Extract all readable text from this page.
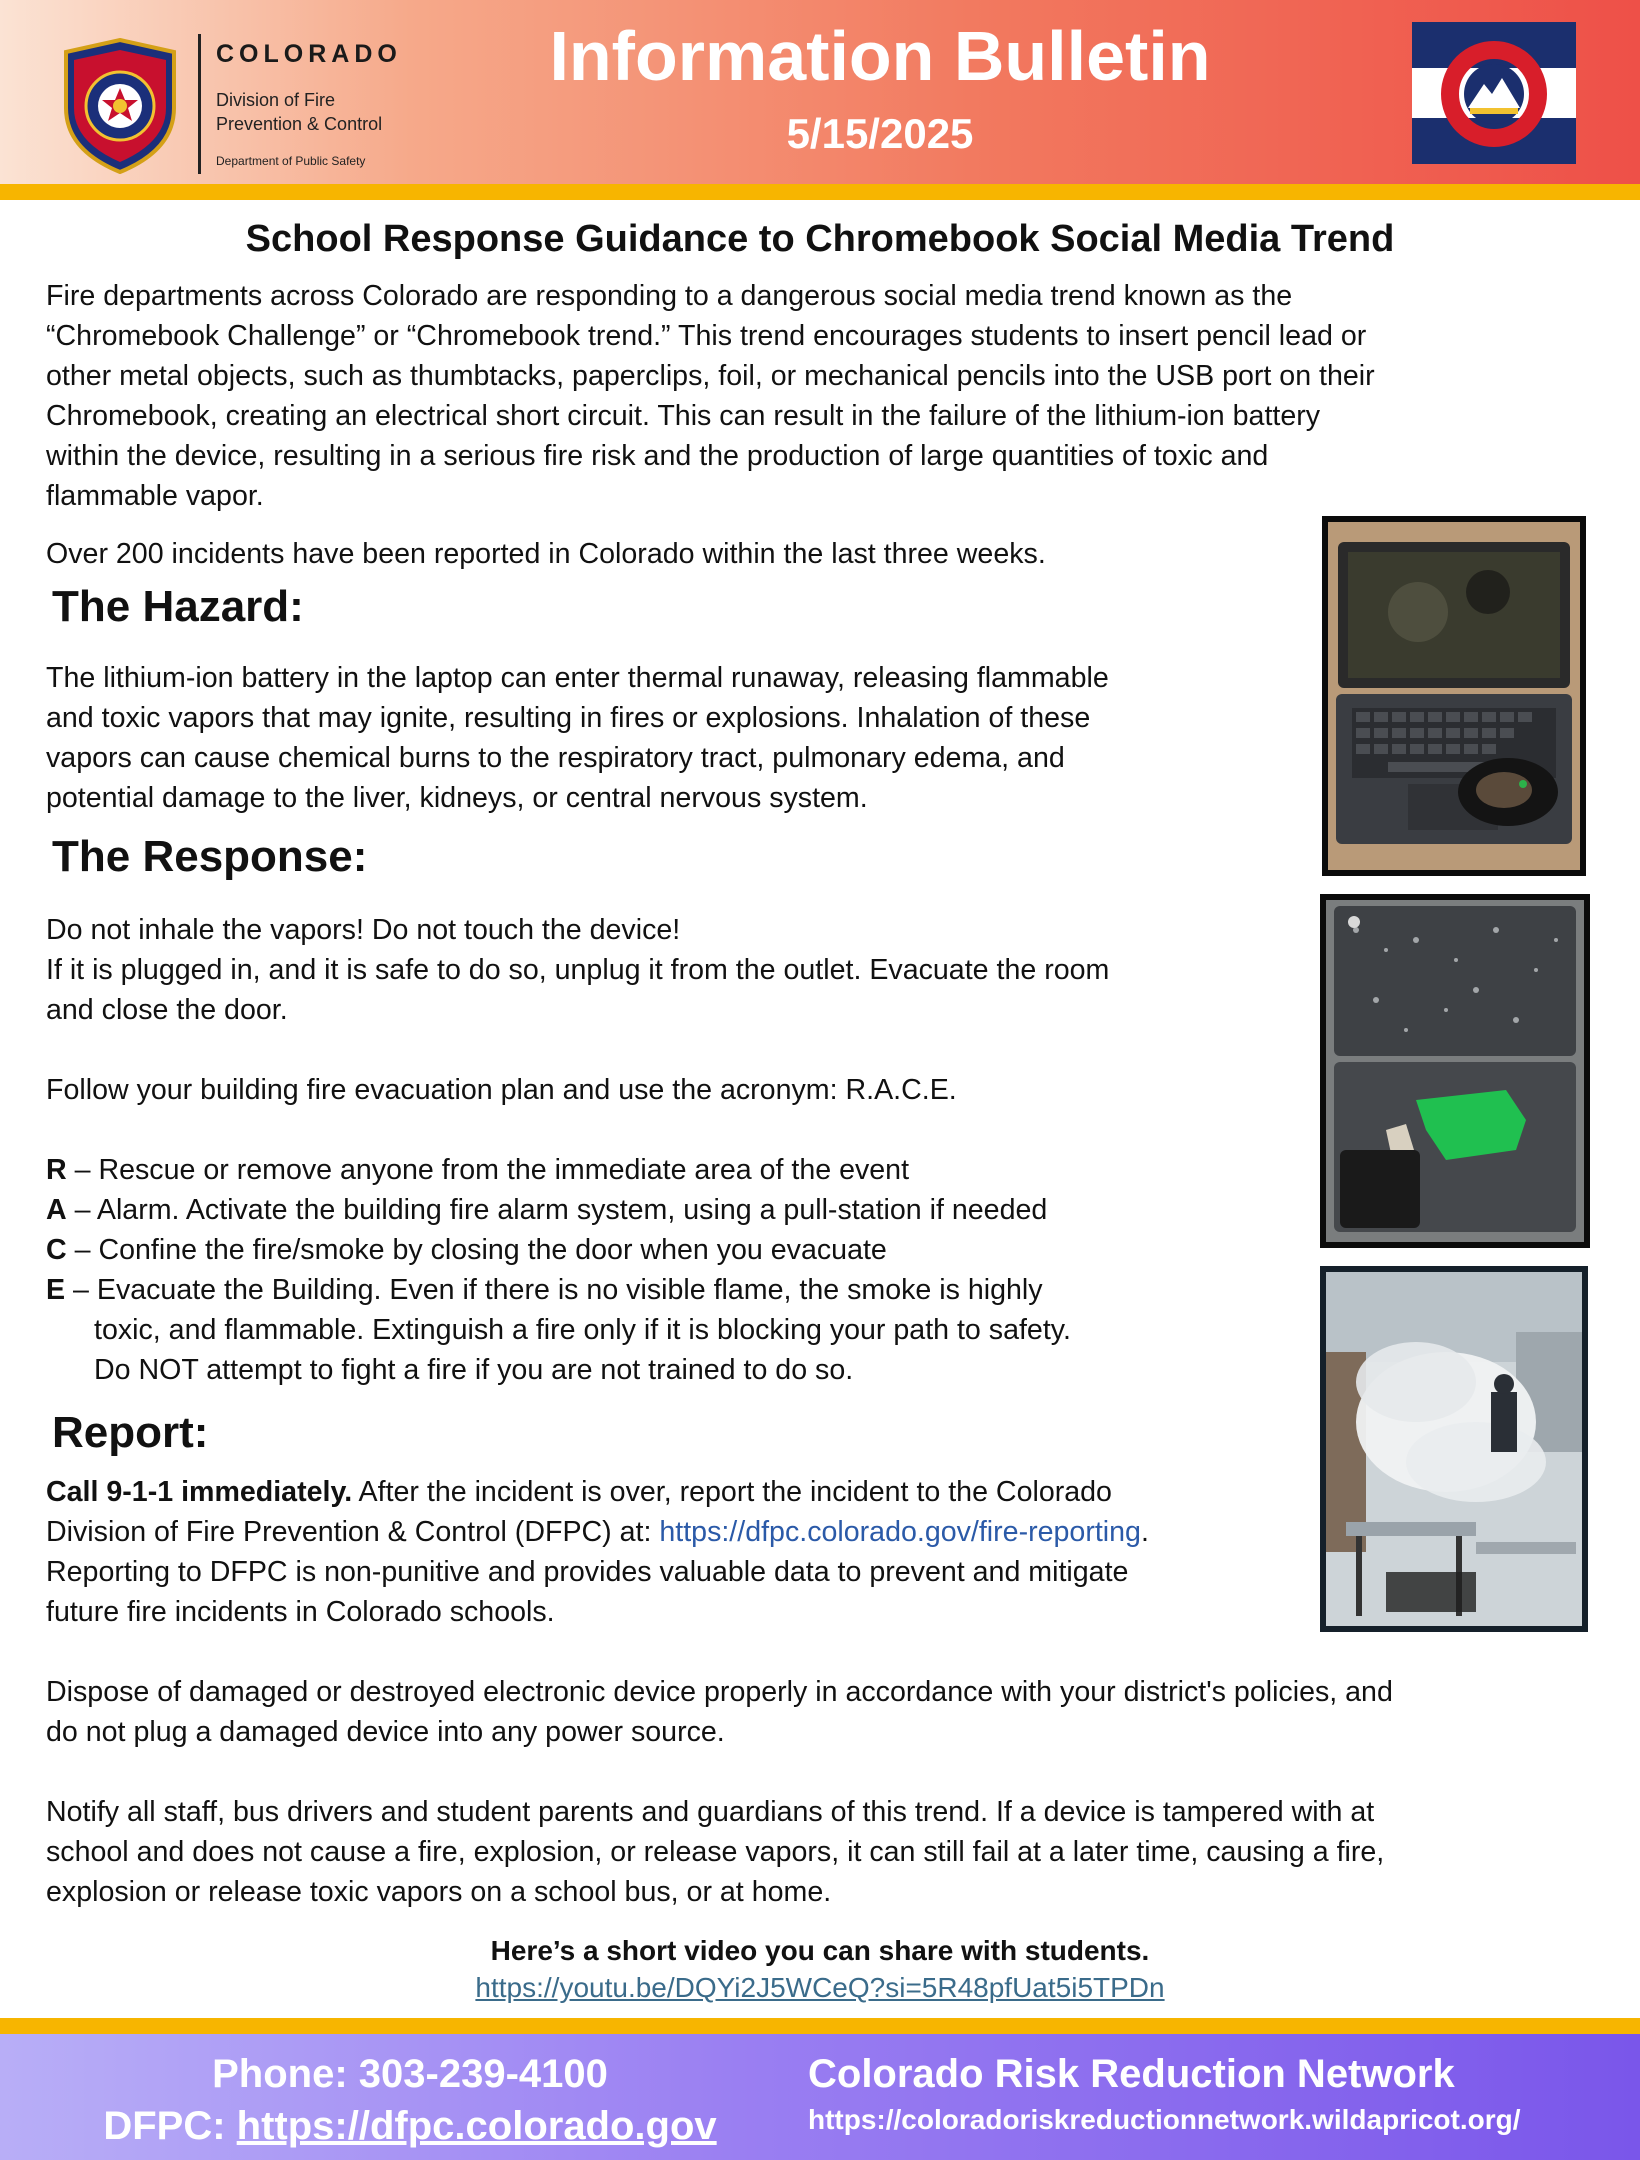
COLORADO
Division of Fire Prevention & Control
Department of Public Safety
Information Bulletin
5/15/2025
School Response Guidance to Chromebook Social Media Trend
Fire departments across Colorado are responding to a dangerous social media trend known as the
“Chromebook Challenge” or “Chromebook trend.” This trend encourages students to insert pencil lead or
other metal objects, such as thumbtacks, paperclips, foil, or mechanical pencils into the USB port on their
Chromebook, creating an electrical short circuit. This can result in the failure of the lithium-ion battery
within the device, resulting in a serious fire risk and the production of large quantities of toxic and
flammable vapor.
Over 200 incidents have been reported in Colorado within the last three weeks.
The Hazard:
The lithium-ion battery in the laptop can enter thermal runaway, releasing flammable
and toxic vapors that may ignite, resulting in fires or explosions. Inhalation of these
vapors can cause chemical burns to the respiratory tract, pulmonary edema, and
potential damage to the liver, kidneys, or central nervous system.
The Response:
Do not inhale the vapors! Do not touch the device!
If it is plugged in, and it is safe to do so, unplug it from the outlet. Evacuate the room
and close the door.
Follow your building fire evacuation plan and use the acronym: R.A.C.E.
R – Rescue or remove anyone from the immediate area of the event
A – Alarm. Activate the building fire alarm system, using a pull-station if needed
C – Confine the fire/smoke by closing the door when you evacuate
E – Evacuate the Building. Even if there is no visible flame, the smoke is highly
toxic, and flammable. Extinguish a fire only if it is blocking your path to safety.
Do NOT attempt to fight a fire if you are not trained to do so.
Report:
Call 9-1-1 immediately. After the incident is over, report the incident to the Colorado
Division of Fire Prevention & Control (DFPC) at: https://dfpc.colorado.gov/fire-reporting.
Reporting to DFPC is non-punitive and provides valuable data to prevent and mitigate
future fire incidents in Colorado schools.
Dispose of damaged or destroyed electronic device properly in accordance with your district's policies, and
do not plug a damaged device into any power source.
Notify all staff, bus drivers and student parents and guardians of this trend. If a device is tampered with at
school and does not cause a fire, explosion, or release vapors, it can still fail at a later time, causing a fire,
explosion or release toxic vapors on a school bus, or at home.
Here’s a short video you can share with students.
https://youtu.be/DQYi2J5WCeQ?si=5R48pfUat5i5TPDn
Phone: 303-239-4100
DFPC: https://dfpc.colorado.gov
Colorado Risk Reduction Network
https://coloradoriskreductionnetwork.wildapricot.org/
